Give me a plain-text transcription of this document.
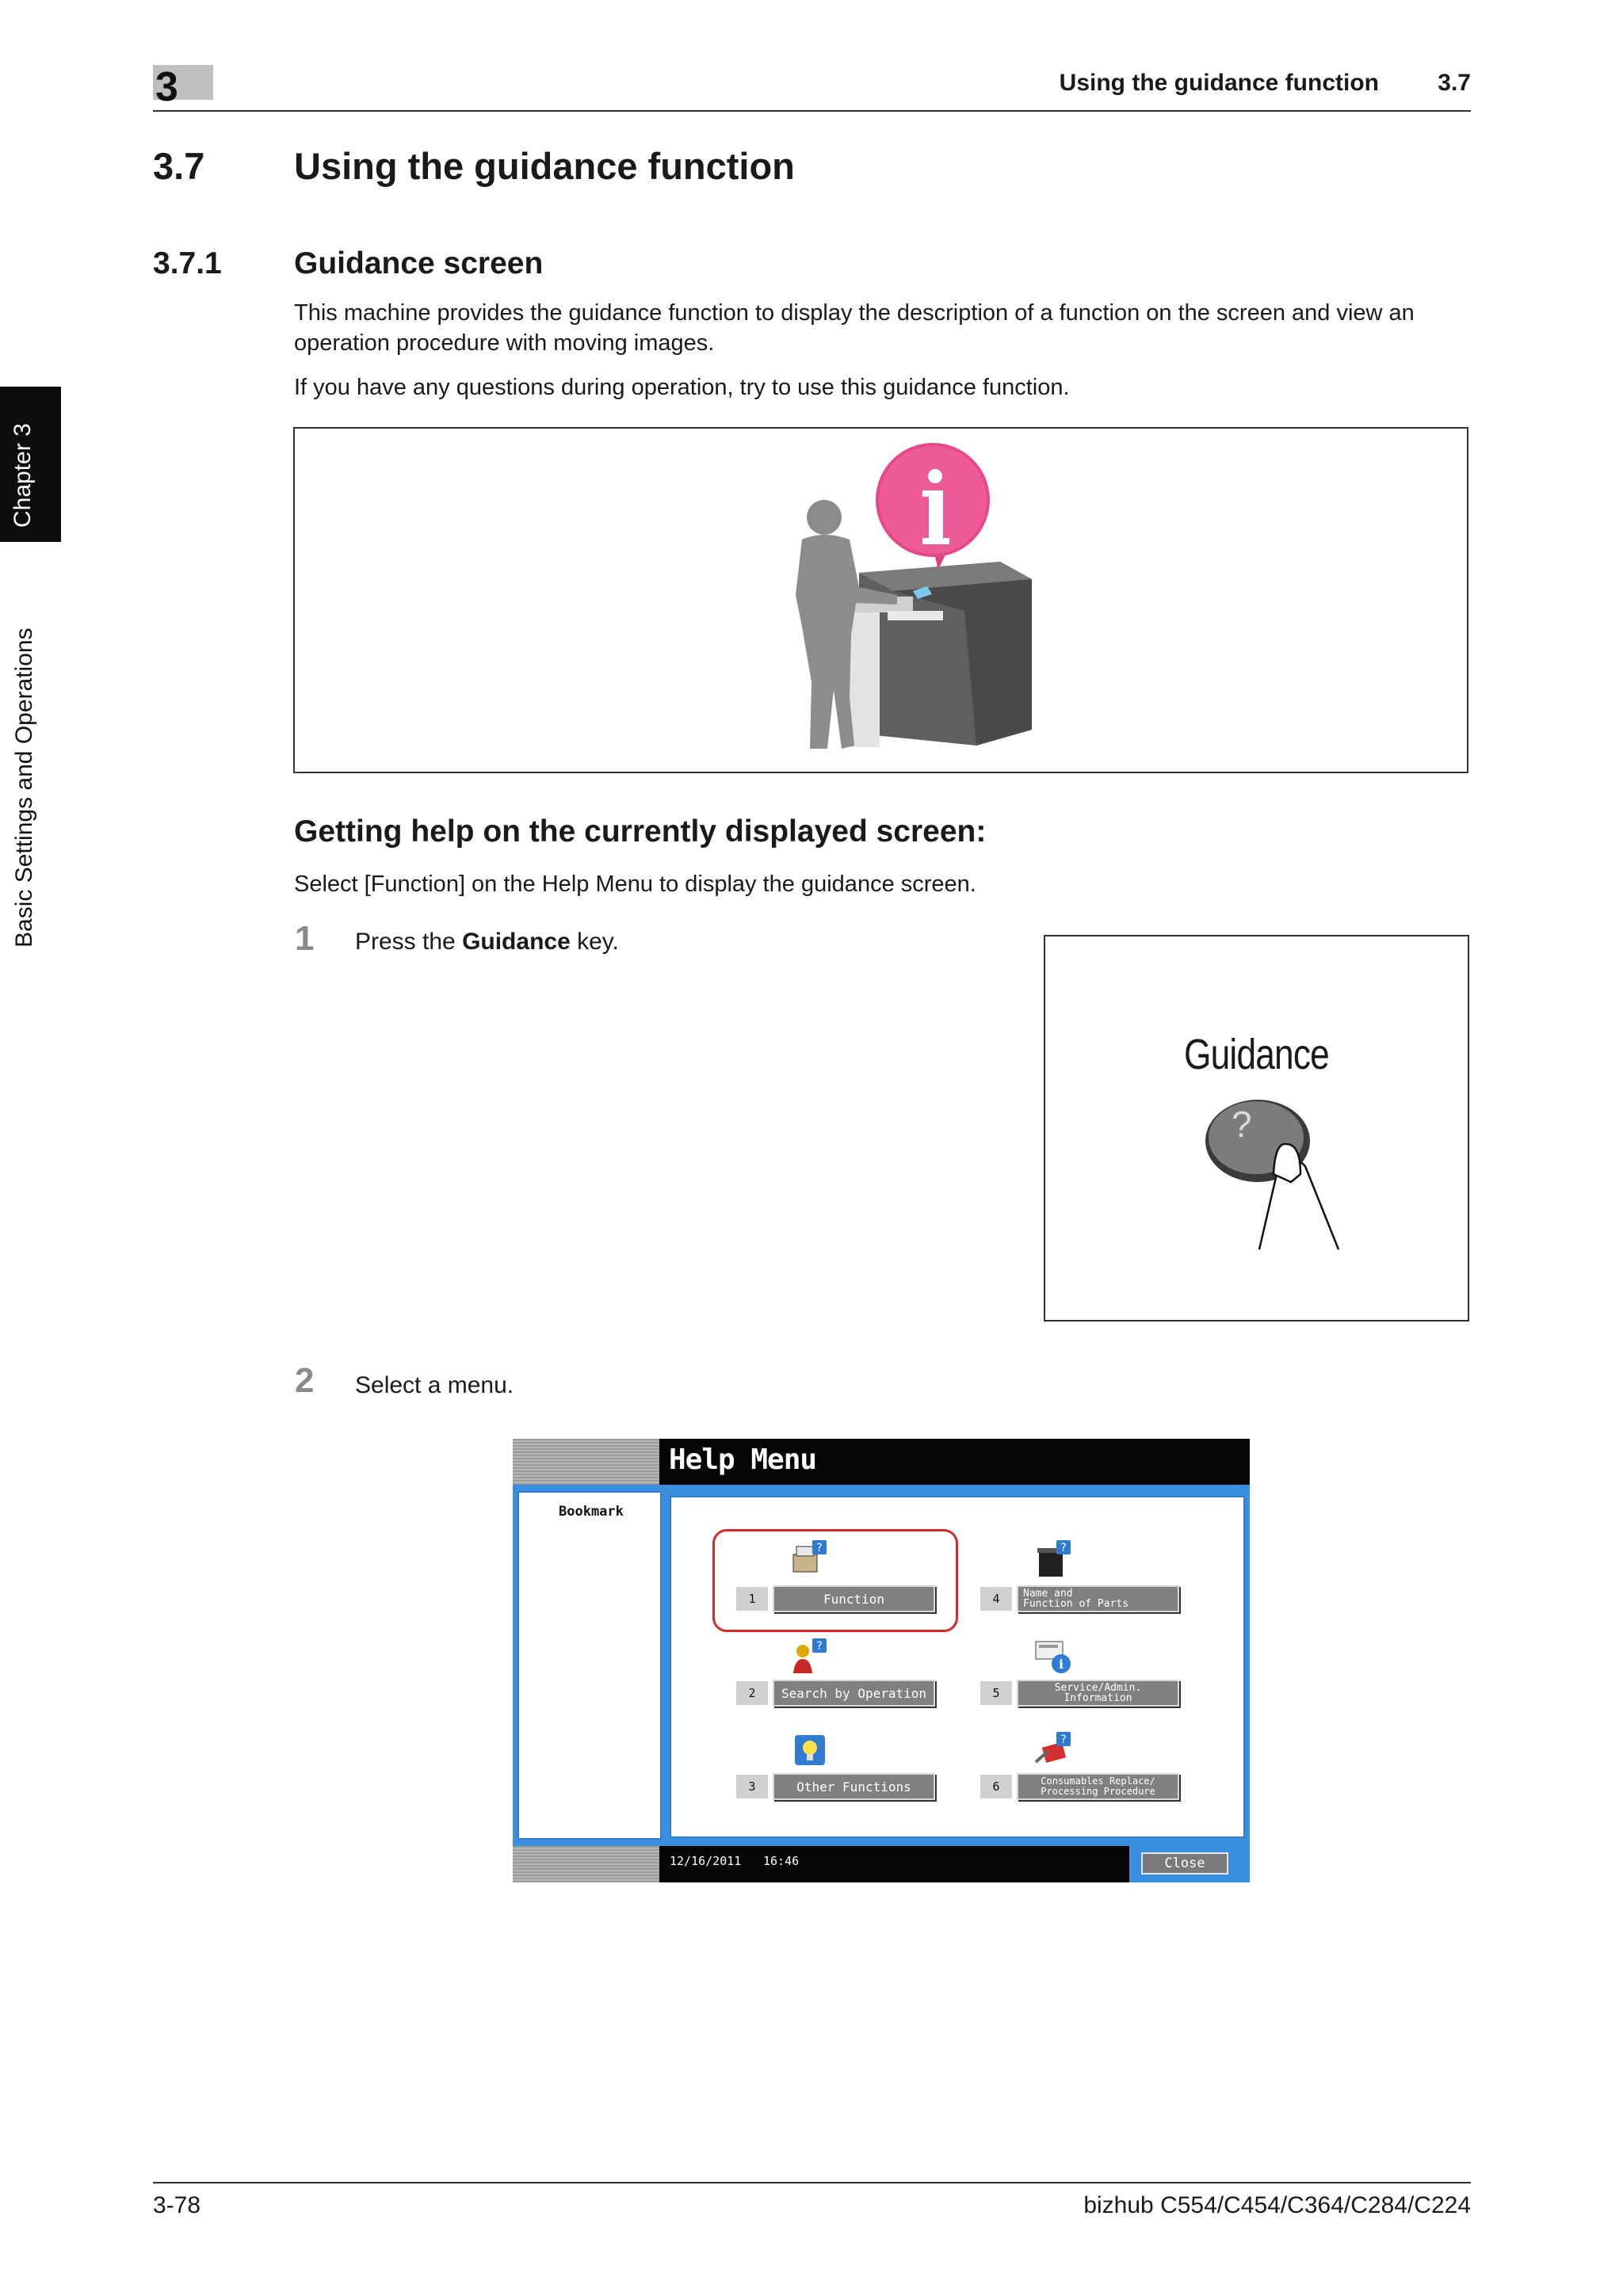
3	Using the guidance function	3.7
Chapter 3
Basic Settings and Operations
3.7 Using the guidance function
3.7.1 Guidance screen
This machine provides the guidance function to display the description of a function on the screen and view an operation procedure with moving images.
If you have any questions during operation, try to use this guidance function.
Getting help on the currently displayed screen:
Select [Function] on the Help Menu to display the guidance screen.
1 Press the Guidance key.
Guidance
?
2 Select a menu.
Help Menu
Bookmark
?
1	Function
?
2	Search by Operation
3	Other Functions
?
4	Name and
Function of Parts
i
5	Service/Admin.
Information
?
6	Consumables Replace/
Processing Procedure
12/16/2011 16:46	Close
3-78	bizhub C554/C454/C364/C284/C224
